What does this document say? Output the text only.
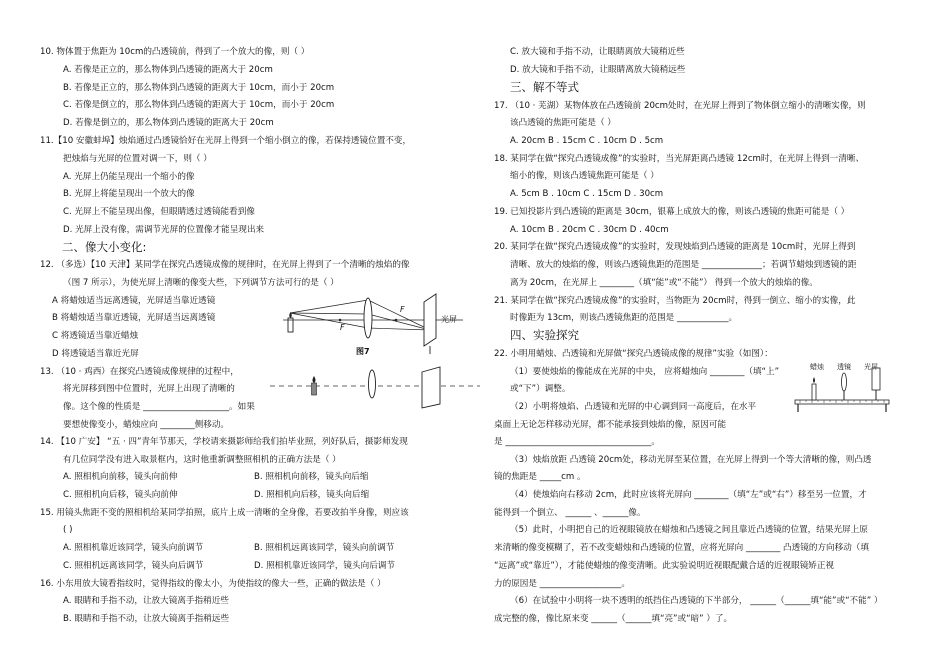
10. 物体置于焦距为 10cm的凸透镜前，得到了一个放大的像，则（ ）
A. 若像是正立的，那么物体到凸透镜的距离大于 20cm
B. 若像是正立的，那么物体到凸透镜的距离大于 10cm，而小于 20cm
C. 若像是倒立的，那么物体到凸透镜的距离大于 10cm，而小于 20cm
D. 若像是倒立的，那么物体到凸透镜的距离大于 20cm
11.【10 安徽蚌埠】烛焰通过凸透镜恰好在光屏上得到一个缩小倒立的像，若保持透镜位置不变，
把烛焰与光屏的位置对调一下，则（ ）
A. 光屏上仍能呈现出一个缩小的像
B. 光屏上将能呈现出一个放大的像
C. 光屏上不能呈现出像，但眼睛透过透镜能看到像
D. 光屏上没有像，需调节光屏的位置像才能呈现出来
二、像大小变化:
12. （多选）【10 天津】某同学在探究凸透镜成像的规律时，在光屏上得到了一个清晰的烛焰的像
（图 7 所示），为使光屏上清晰的像变大些，下列调节方法可行的是（ ）
A 将蜡烛适当远离透镜，光屏适当靠近透镜
B 将蜡烛适当靠近透镜，光屏适当远离透镜
C 将透镜适当靠近蜡烛
D 将透镜适当靠近光屏
F
F
光屏
图7
13. （10 · 鸡西）在探究凸透镜成像规律的过程中，
将光屏移到图中位置时，光屏上出现了清晰的
像。这个像的性质是 ____________________。如果
要想使像变小，蜡烛应向 ________侧移动。
14. 【10 广安】 “五 · 四”青年节那天，学校请来摄影师给我们拍毕业照，列好队后，摄影师发现
有几位同学没有进入取景框内，这时他重新调整照相机的正确方法是（ ）
A. 照相机向前移，镜头向前伸	B. 照相机向前移，镜头向后缩
C. 照相机向后移，镜头向前伸	D. 照相机向后移，镜头向后缩
15. 用镜头焦距不变的照相机给某同学拍照，底片上成一清晰的全身像，若要改拍半身像，则应该
( )
A. 照相机靠近该同学，镜头向前调节	B. 照相机远离该同学，镜头向前调节
C. 照相机远离该同学，镜头向后调节	D. 照相机靠近该同学，镜头向后调节
16. 小东用放大镜看指纹时，觉得指纹的像太小，为使指纹的像大一些，正确的做法是（ ）
A. 眼睛和手指不动，让放大镜离手指稍近些
B. 眼睛和手指不动，让放大镜离手指稍远些
C. 放大镜和手指不动，让眼睛离放大镜稍近些
D. 放大镜和手指不动，让眼睛离放大镜稍远些
三、解不等式
17. （10 · 芜湖）某物体放在凸透镜前 20cm处时，在光屏上得到了物体倒立缩小的清晰实像，则
该凸透镜的焦距可能是（ ）
A. 20cm B . 15cm C . 10cm D . 5cm
18. 某同学在做“探究凸透镜成像”的实验时，当光屏距离凸透镜 12cm时，在光屏上得到一清晰、
缩小的像，则该凸透镜焦距可能是（ ）
A. 5cm B . 10cm C . 15cm D . 30cm
19. 已知投影片到凸透镜的距离是 30cm，银幕上成放大的像，则该凸透镜的焦距可能是（ ）
A. 10cm B . 20cm C . 30cm D . 40cm
20. 某同学在做“探究凸透镜成像”的实验时，发现烛焰到凸透镜的距离是 10cm时，光屏上得到
清晰、放大的烛焰的像，则该凸透镜焦距的范围是 ______________；若调节蜡烛到透镜的距
离为 20cm，在光屏上 ________（填“能”或“不能”） 得到一个放大的烛焰的像。
21. 某同学在做“探究凸透镜成像”的实验时，当物距为 20cm时，得到一倒立、缩小的实像，此
时像距为 13cm，则该凸透镜焦距的范围是 ____________。
四、实验探究
22. 小明用蜡烛、凸透镜和光屏做“探究凸透镜成像的规律”实验（如图）：
（1）要使烛焰的像能成在光屏的中央， 应将蜡烛向 ________（填“上”
或“下”）调整。
（2）小明将烛焰、凸透镜和光屏的中心调到同一高度后，在水平
桌面上无论怎样移动光屏，都不能承接到烛焰的像，原因可能
是 __________________________________。
（3）烛焰放距 凸透镜 20cm处，移动光屏至某位置，在光屏上得到一个等大清晰的像，则凸透
镜的焦距是 _____cm 。
（4）使烛焰向右移动 2cm，此时应该将光屏向 ________（填“左”或“右”）移至另一位置，才
能得到一个倒立、 ______ 、______像。
（5）此时，小明把自己的近视眼镜放在蜡烛和凸透镜之间且靠近凸透镜的位置，结果光屏上原
来清晰的像变模糊了，若不改变蜡烛和凸透镜的位置，应将光屏向 ________ 凸透镜的方向移动（填
“远离”或“靠近”），才能使蜡烛的像变清晰。此实验说明近视眼配戴合适的近视眼镜矫正视
力的原因是 ___________________。
（6）在试验中小明将一块不透明的纸挡住凸透镜的下半部分， ______（______填“能”或“不能” ）
成完整的像，像比原来变 ______（______填“亮”或“暗” ）了。
蜡烛 透镜 光屏
